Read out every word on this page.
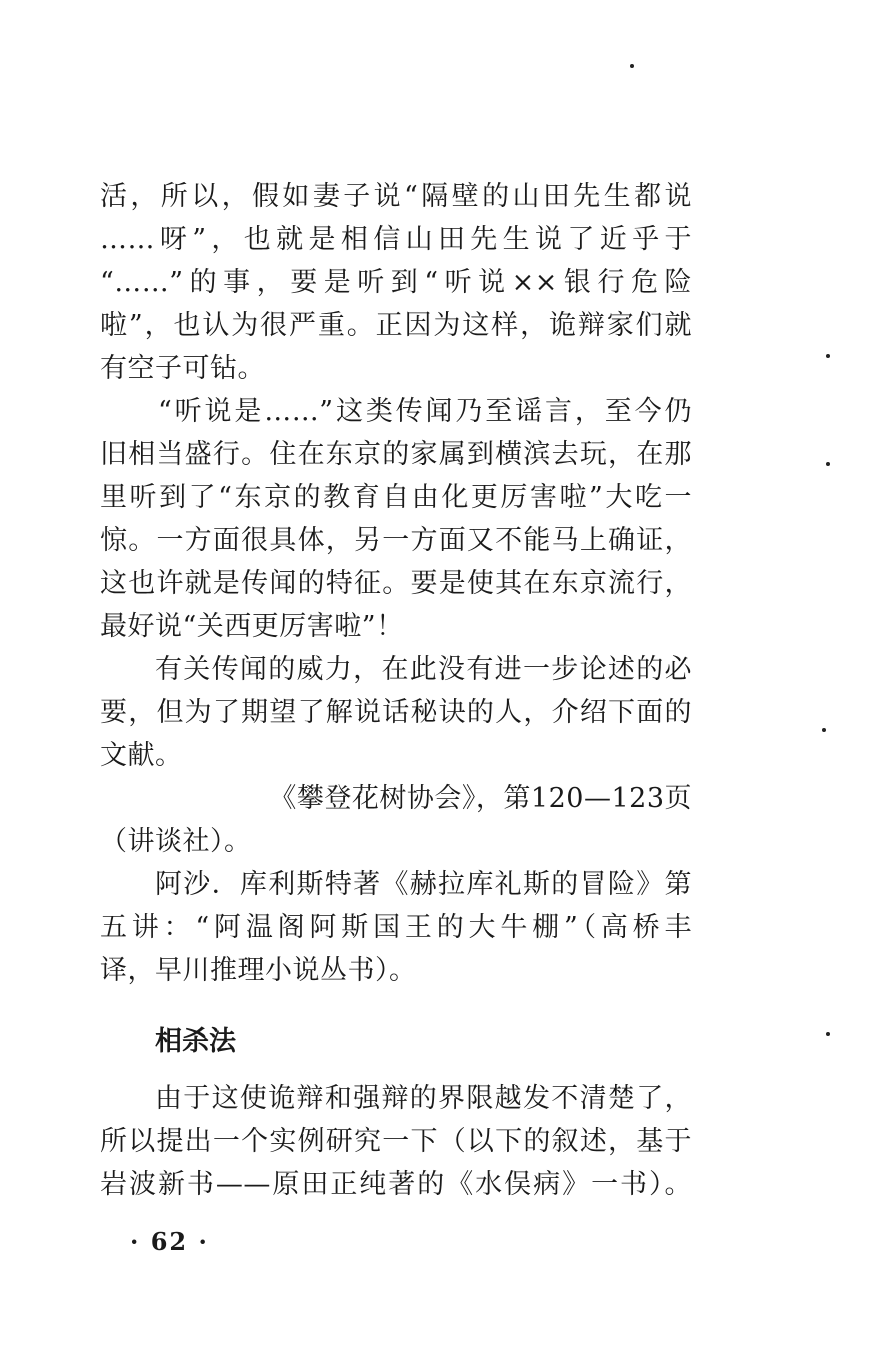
活，所以，假如妻子说“隔壁的山田先生都说
……呀”，也就是相信山田先生说了近乎于
“……”的事，要是听到“听说××银行危险
啦”，也认为很严重。正因为这样，诡辩家们就
有空子可钻。
“听说是……”这类传闻乃至谣言，至今仍
旧相当盛行。住在东京的家属到横滨去玩，在那
里听到了“东京的教育自由化更厉害啦”大吃一
惊。一方面很具体，另一方面又不能马上确证，
这也许就是传闻的特征。要是使其在东京流行，
最好说“关西更厉害啦”！
有关传闻的威力，在此没有进一步论述的必
要，但为了期望了解说话秘诀的人，介绍下面的
文献。
《攀登花树协会》，第120—123页
（讲谈社）。
阿沙．库利斯特著《赫拉库礼斯的冒险》第
五讲：“阿温阁阿斯国王的大牛棚”（高桥丰
译，早川推理小说丛书）。
相杀法
由于这使诡辩和强辩的界限越发不清楚了，
所以提出一个实例研究一下（以下的叙述，基于
岩波新书——原田正纯著的《水俣病》一书）。
· 62 ·
